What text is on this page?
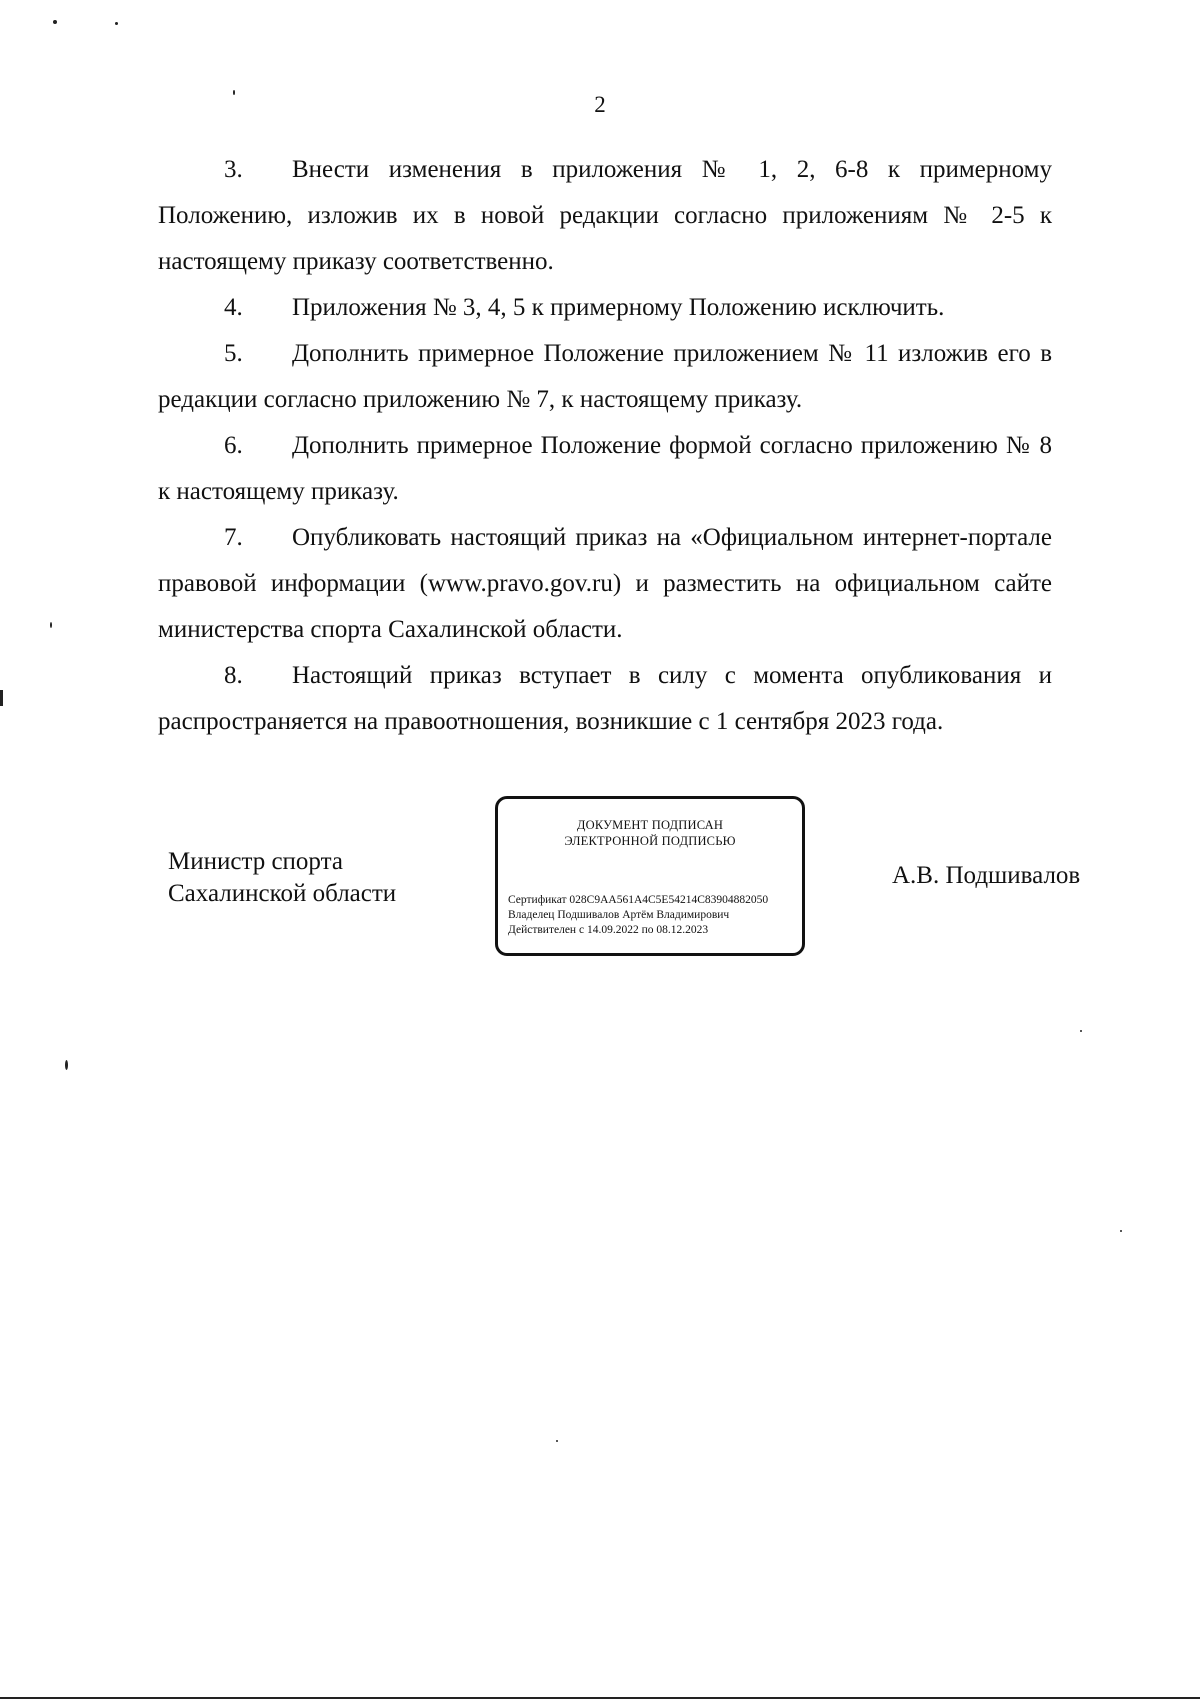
2

3. Внести изменения в приложения № 1, 2, 6-8 к примерному Положению, изложив их в новой редакции согласно приложениям № 2-5 к настоящему приказу соответственно.

4. Приложения № 3, 4, 5 к примерному Положению исключить.

5. Дополнить примерное Положение приложением № 11 изложив его в редакции согласно приложению № 7, к настоящему приказу.

6. Дополнить примерное Положение формой согласно приложению № 8 к настоящему приказу.

7. Опубликовать настоящий приказ на «Официальном интернет-портале правовой информации (www.pravo.gov.ru) и разместить на официальном сайте министерства спорта Сахалинской области.

8. Настоящий приказ вступает в силу с момента опубликования и распространяется на правоотношения, возникшие с 1 сентября 2023 года.

Министр спорта
Сахалинской области
ДОКУМЕНТ ПОДПИСАН
ЭЛЕКТРОННОЙ ПОДПИСЬЮ
Сертификат 028C9AA561A4C5E54214C83904882050
Владелец Подшивалов Артём Владимирович
Действителен с 14.09.2022 по 08.12.2023
А.В. Подшивалов
